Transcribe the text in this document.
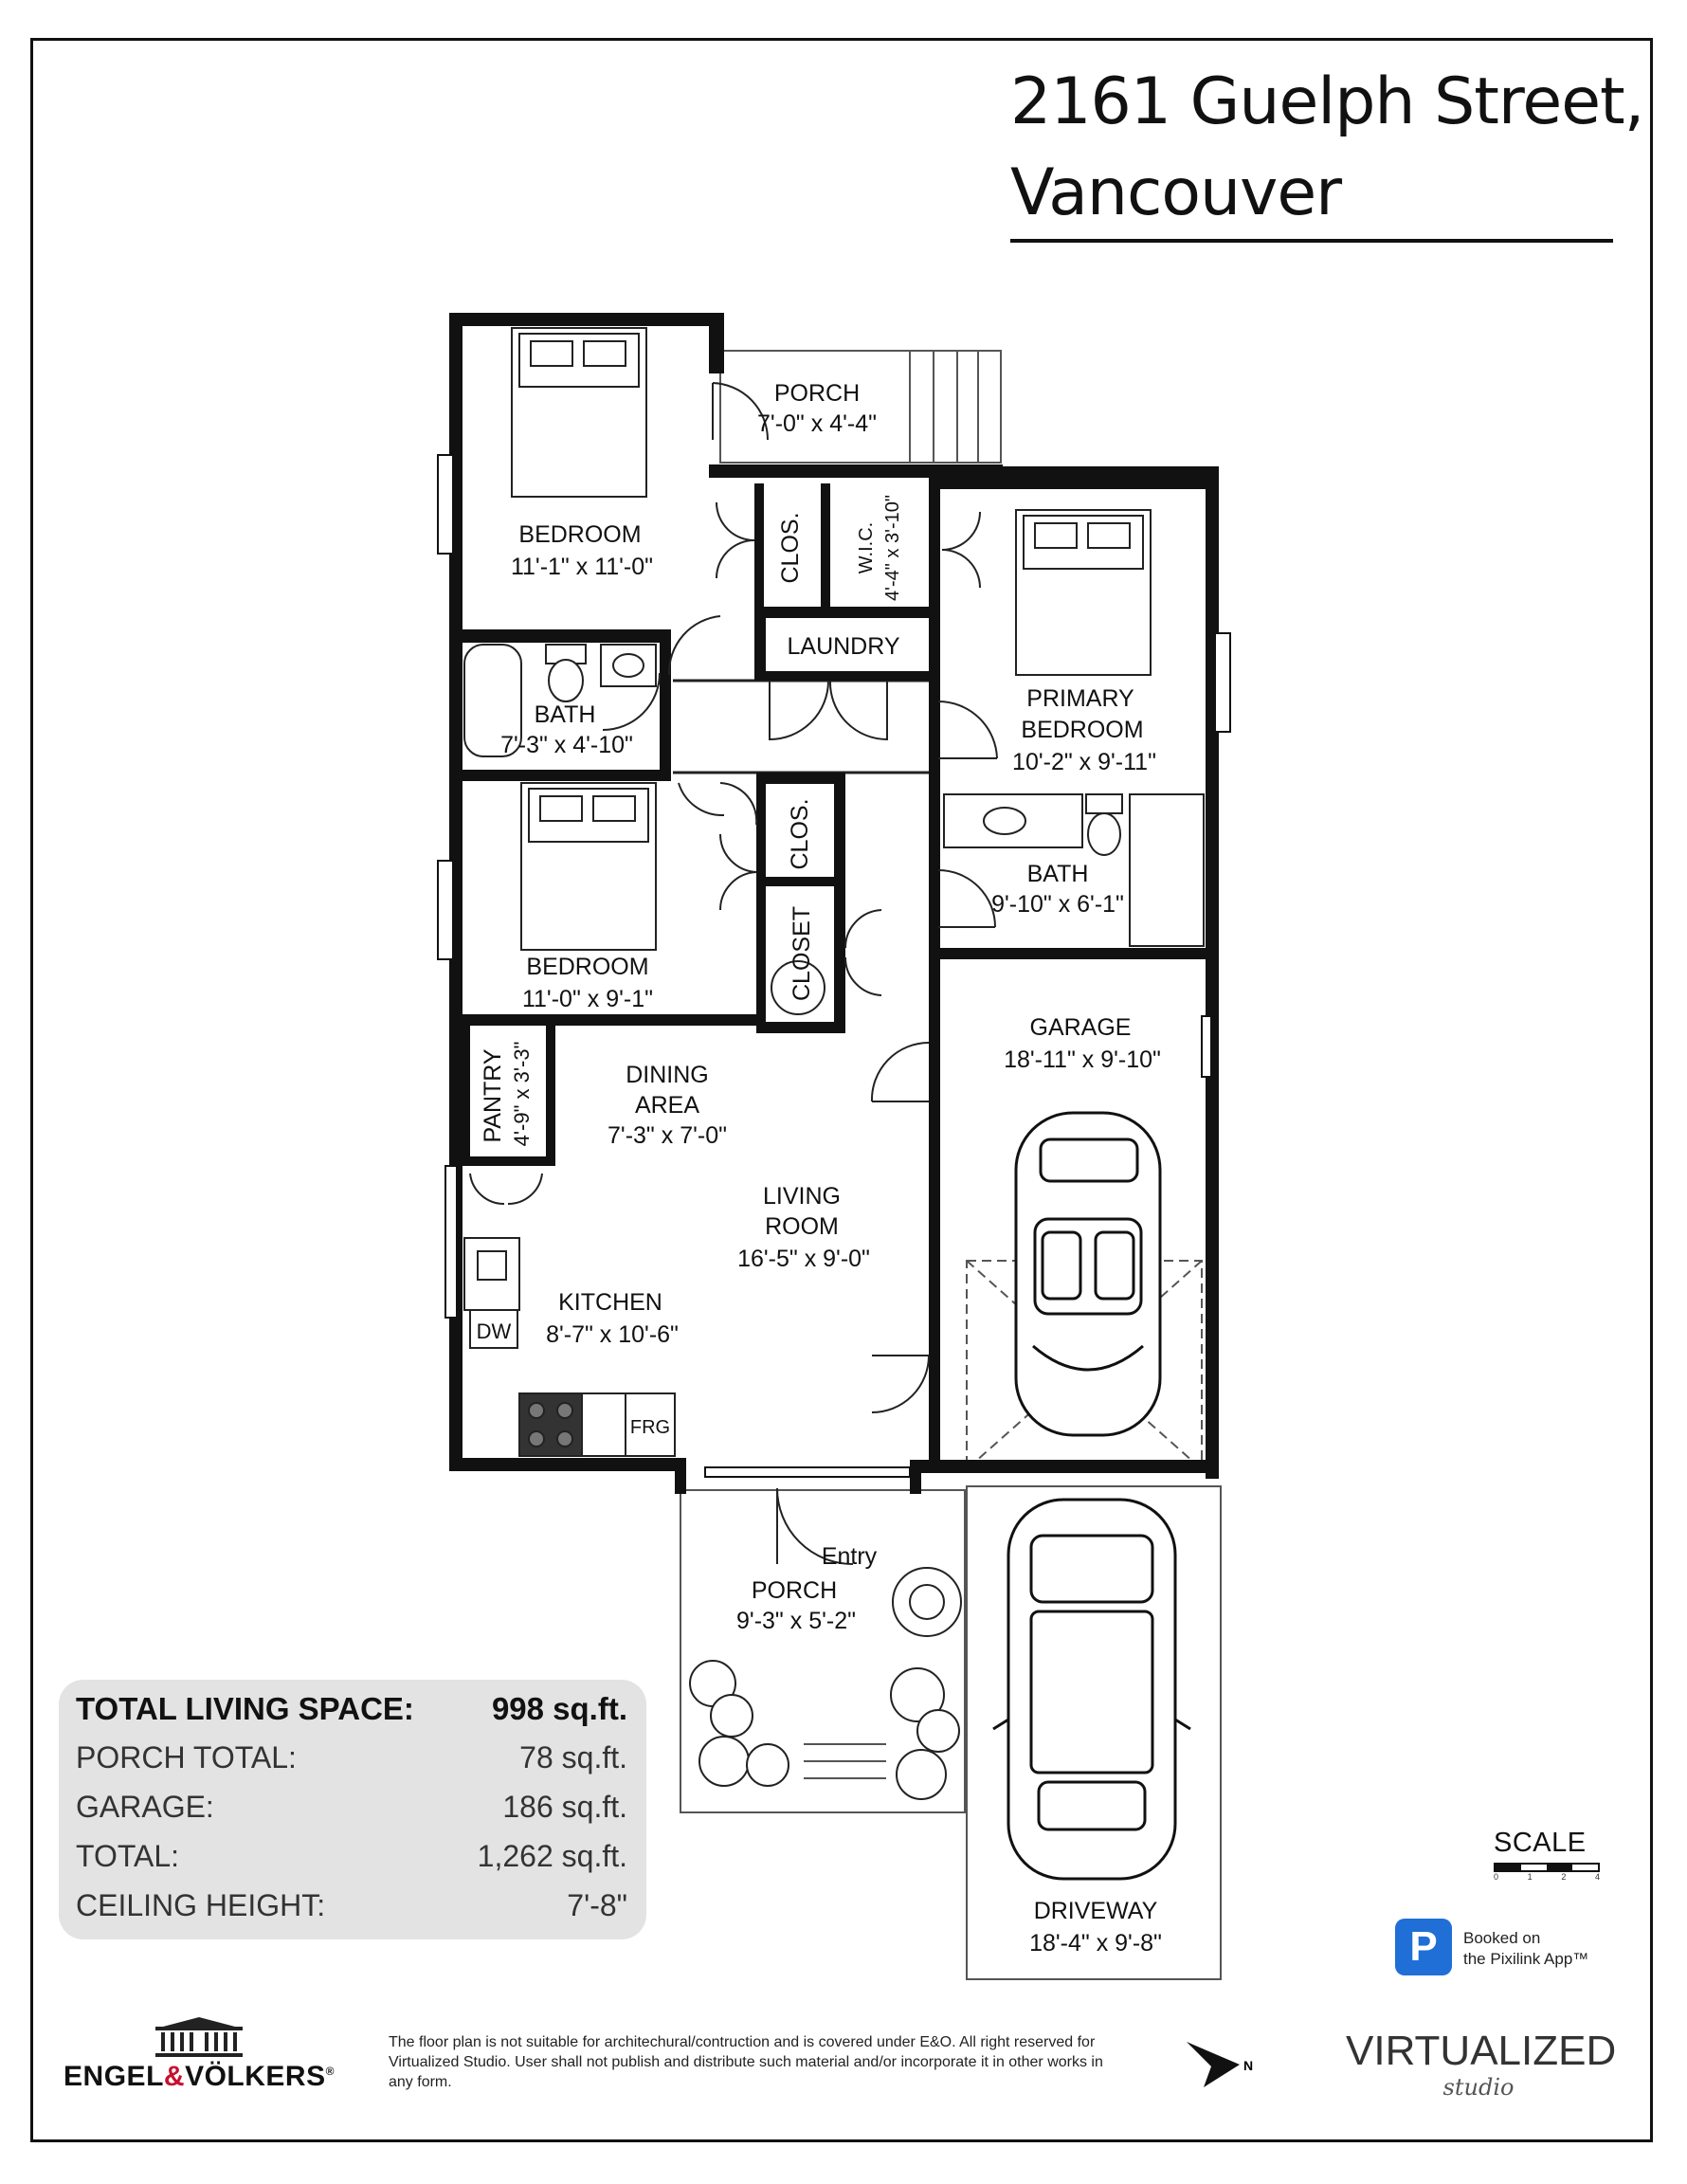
2161 Guelph Street,
Vancouver
PORCH
7'-0" x 4'-4"
BEDROOM
11'-1" x 11'-0"	CLOS.	W.I.C. 4'-4" x 3'-10"
LAUNDRY
PRIMARY
BEDROOM
10'-2" x 9'-11"
BATH
7'-3" x 4'-10"
CLOS.
BATH
9'-10" x 6'-1"
BEDROOM
11'-0" x 9'-1"	CLOSET
GARAGE
18'-11" x 9'-10"
PANTRY 4'-9" x 3'-3"	DINING
AREA
7'-3" x 7'-0"
LIVING
ROOM
16'-5" x 9'-0"
KITCHEN
8'-7" x 10'-6"
DW
FRG
Entry
PORCH
9'-3" x 5'-2"
DRIVEWAY
18'-4" x 9'-8"
TOTAL LIVING SPACE: 998 sq.ft.
PORCH TOTAL:	78 sq.ft.
GARAGE:	186 sq.ft.
TOTAL:	1,262 sq.ft.
CEILING HEIGHT:	7'-8"
SCALE
0	1	2	4
P	Booked on
the Pixilink App™
ENGEL&VÖLKERS®
The floor plan is not suitable for architechural/contruction and is covered under E&O. All right reserved for Virtualized Studio. User shall not publish and distribute such material and/or incorporate it in other works in any form.
N VIRTUALIZED
studio
